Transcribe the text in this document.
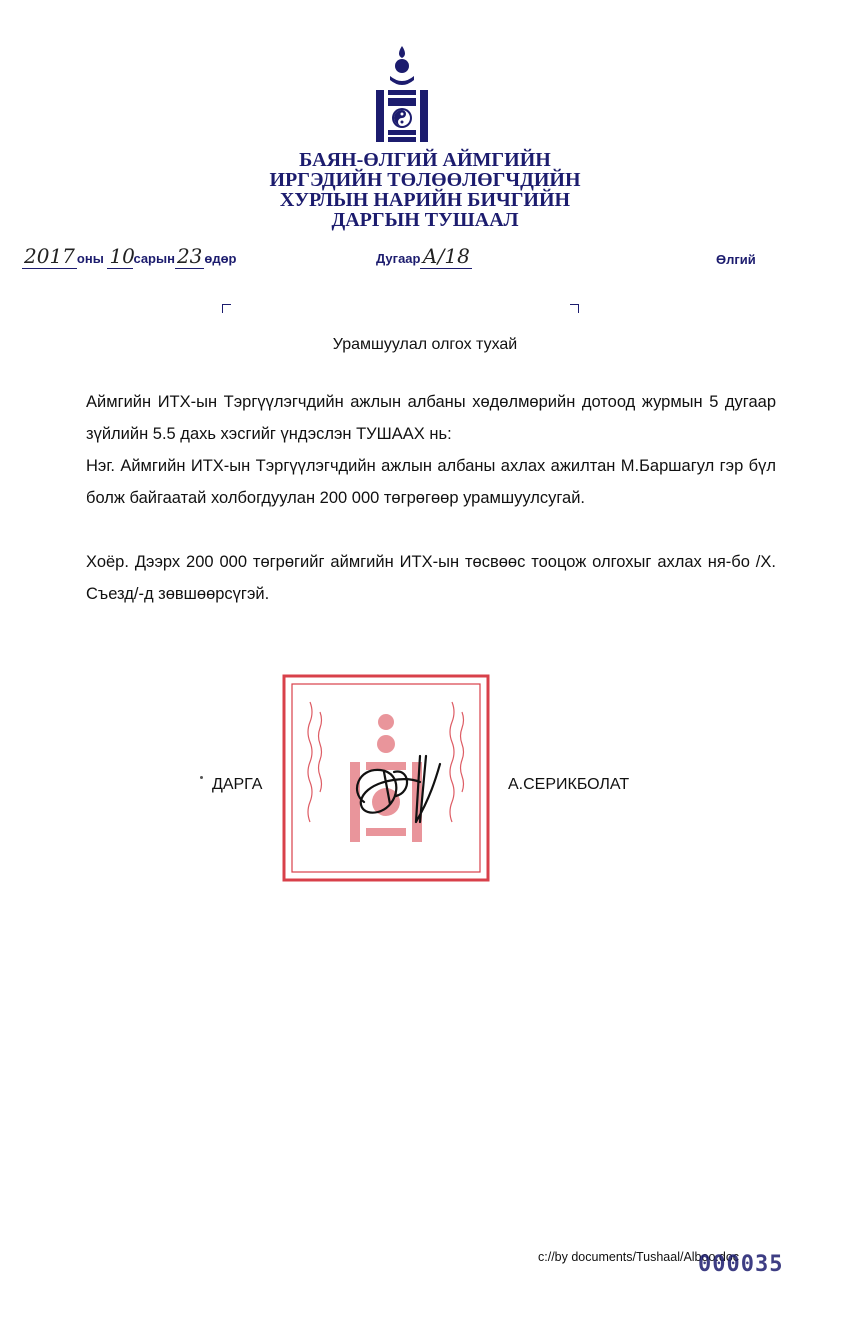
БАЯН-ӨЛГИЙ АЙМГИЙН
ИРГЭДИЙН ТӨЛӨӨЛӨГЧДИЙН
ХУРЛЫН НАРИЙН БИЧГИЙН
ДАРГЫН ТУШААЛ
2017 оны 10сарын 23 өдөр	Дугаар А/18	Өлгий
Урамшуулал олгох тухай
Аймгийн ИТХ-ын Тэргүүлэгчдийн ажлын албаны хөдөлмөрийн дотоод журмын 5 дугаар зүйлийн 5.5 дахь хэсгийг үндэслэн ТУШААХ нь:
Нэг. Аймгийн ИТХ-ын Тэргүүлэгчдийн ажлын албаны ахлах ажилтан М.Баршагул гэр бүл болж байгаатай холбогдуулан 200 000 төгрөгөөр урамшуулсугай.
Хоёр. Дээрх 200 000 төгрөгийг аймгийн ИТХ-ын төсвөөс тооцож олгохыг ахлах ня-бо /Х. Съезд/-д зөвшөөрсүгэй.
ДАРГА	А.СЕРИКБОЛАТ
c://by documents/Tushaal/Alboo.doc
000035
